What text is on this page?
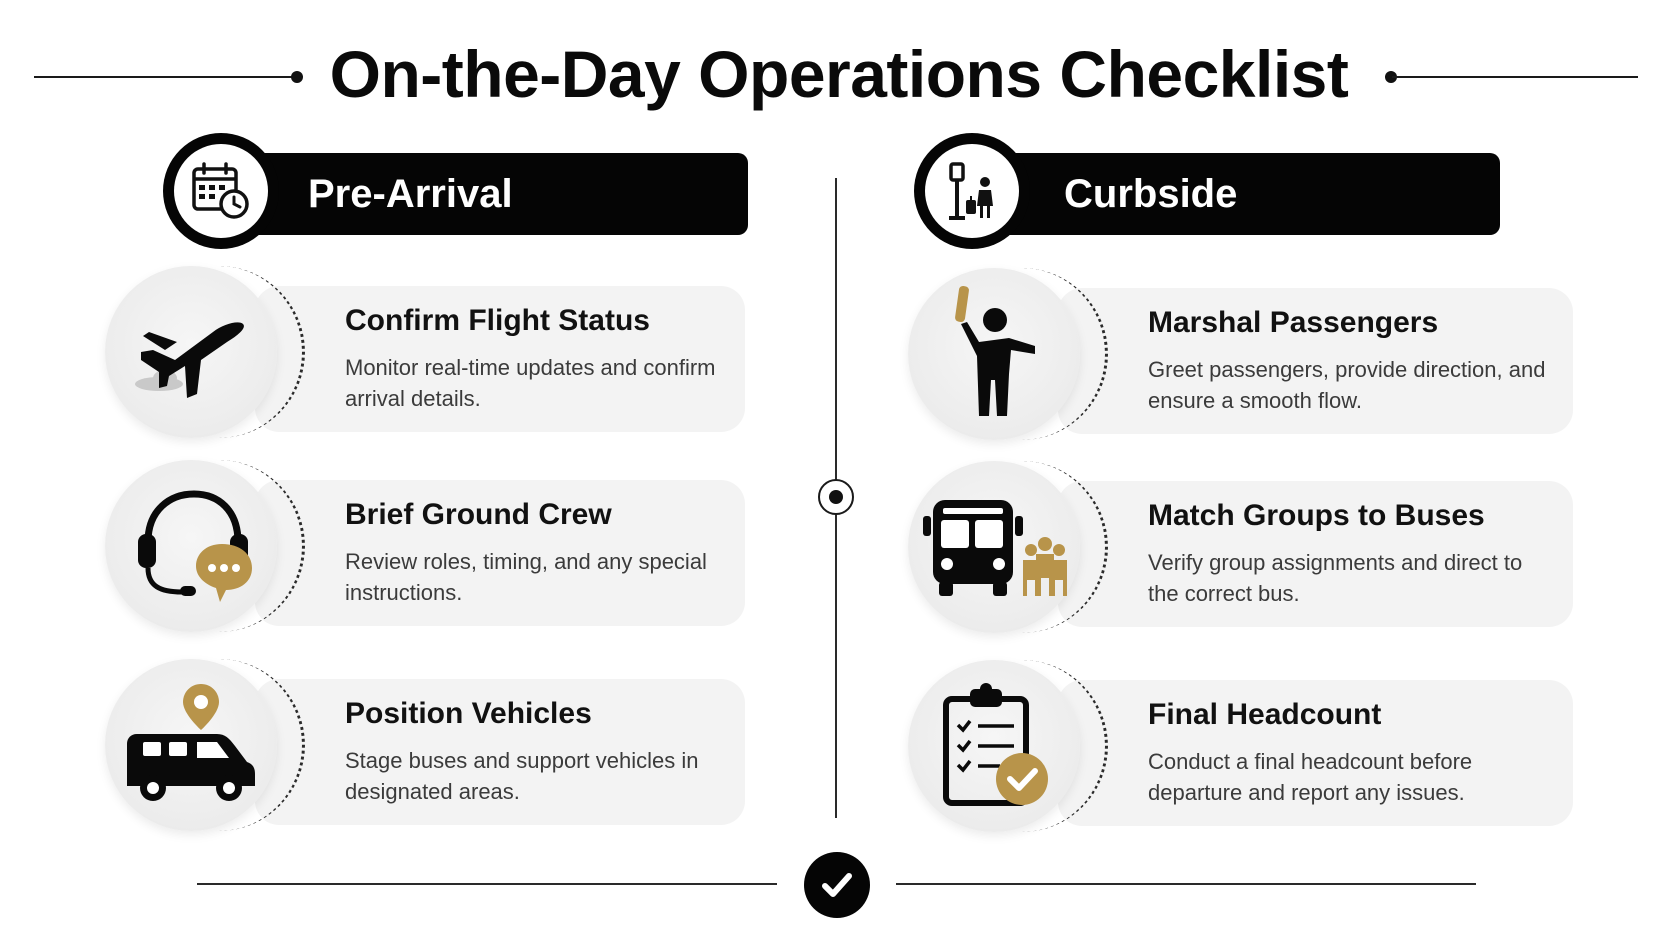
On-the-Day Operations Checklist
Pre-Arrival	Curbside
Confirm Flight Status
Monitor real-time updates and confirm arrival details.
Brief Ground Crew
Review roles, timing, and any special instructions.
Position Vehicles
Stage buses and support vehicles in designated areas.
Marshal Passengers
Greet passengers, provide direction, and ensure a smooth flow.
Match Groups to Buses
Verify group assignments and direct to the correct bus.
Final Headcount
Conduct a final headcount before departure and report any issues.
